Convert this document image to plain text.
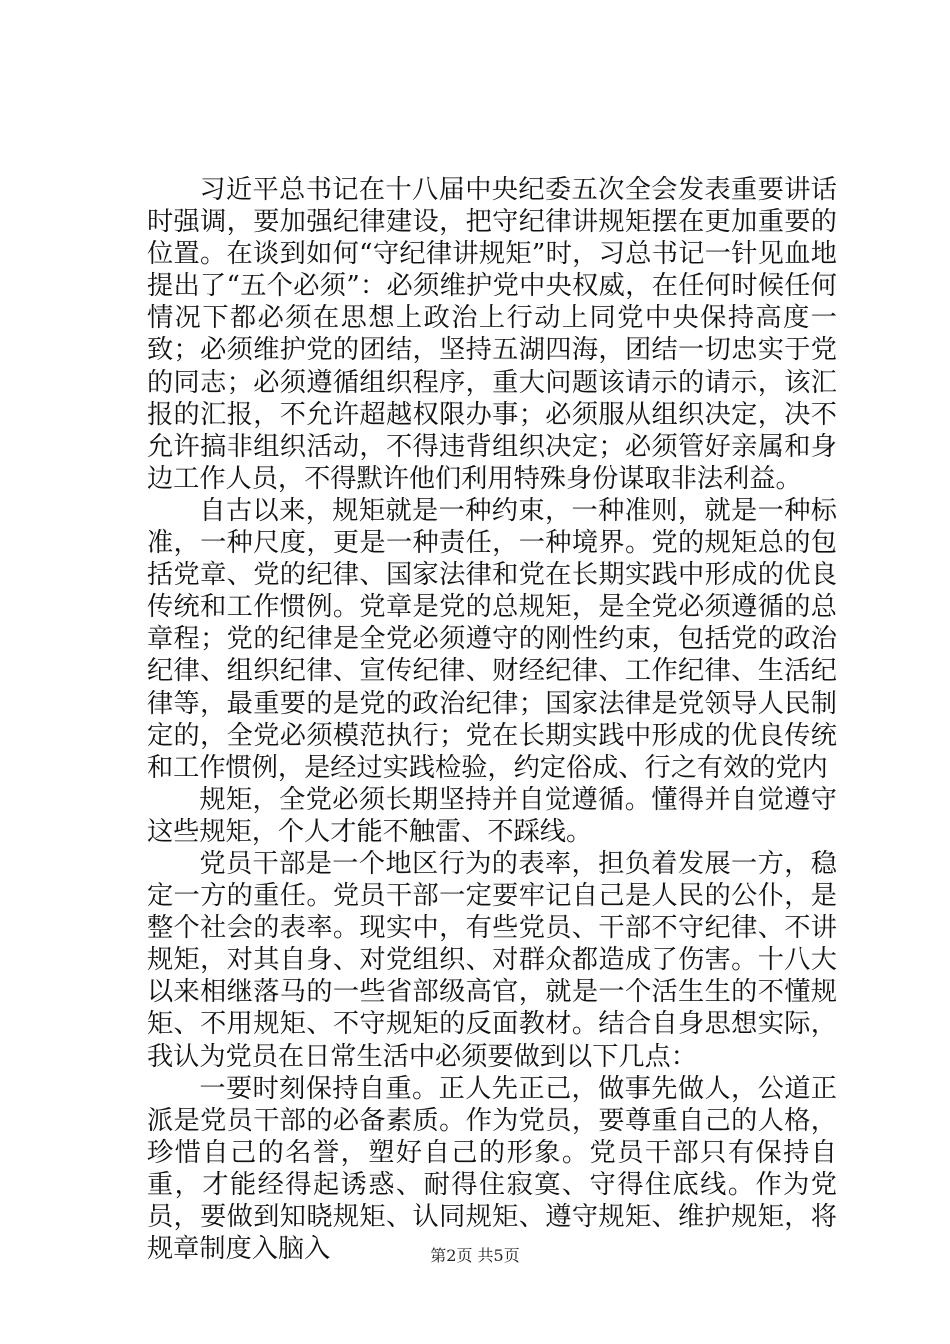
习近平总书记在十八届中央纪委五次全会发表重要讲话时强调，要加强纪律建设，把守纪律讲规矩摆在更加重要的位置。在谈到如何“守纪律讲规矩”时，习总书记一针见血地提出了“五个必须”：必须维护党中央权威，在任何时候任何情况下都必须在思想上政治上行动上同党中央保持高度一致；必须维护党的团结，坚持五湖四海，团结一切忠实于党的同志；必须遵循组织程序，重大问题该请示的请示，该汇报的汇报，不允许超越权限办事；必须服从组织决定，决不允许搞非组织活动，不得违背组织决定；必须管好亲属和身边工作人员，不得默许他们利用特殊身份谋取非法利益。

自古以来，规矩就是一种约束，一种准则，就是一种标准，一种尺度，更是一种责任，一种境界。党的规矩总的包括党章、党的纪律、国家法律和党在长期实践中形成的优良传统和工作惯例。党章是党的总规矩，是全党必须遵循的总章程；党的纪律是全党必须遵守的刚性约束，包括党的政治纪律、组织纪律、宣传纪律、财经纪律、工作纪律、生活纪律等，最重要的是党的政治纪律；国家法律是党领导人民制定的，全党必须模范执行；党在长期实践中形成的优良传统和工作惯例，是经过实践检验，约定俗成、行之有效的党内

规矩，全党必须长期坚持并自觉遵循。懂得并自觉遵守这些规矩，个人才能不触雷、不踩线。

党员干部是一个地区行为的表率，担负着发展一方，稳定一方的重任。党员干部一定要牢记自己是人民的公仆，是整个社会的表率。现实中，有些党员、干部不守纪律、不讲规矩，对其自身、对党组织、对群众都造成了伤害。十八大以来相继落马的一些省部级高官，就是一个活生生的不懂规矩、不用规矩、不守规矩的反面教材。结合自身思想实际，我认为党员在日常生活中必须要做到以下几点：

一要时刻保持自重。正人先正己，做事先做人，公道正派是党员干部的必备素质。作为党员，要尊重自己的人格，珍惜自己的名誉，塑好自己的形象。党员干部只有保持自重，才能经得起诱惑、耐得住寂寞、守得住底线。作为党员，要做到知晓规矩、认同规矩、遵守规矩、维护规矩，将规章制度入脑入	第2页 共5页
